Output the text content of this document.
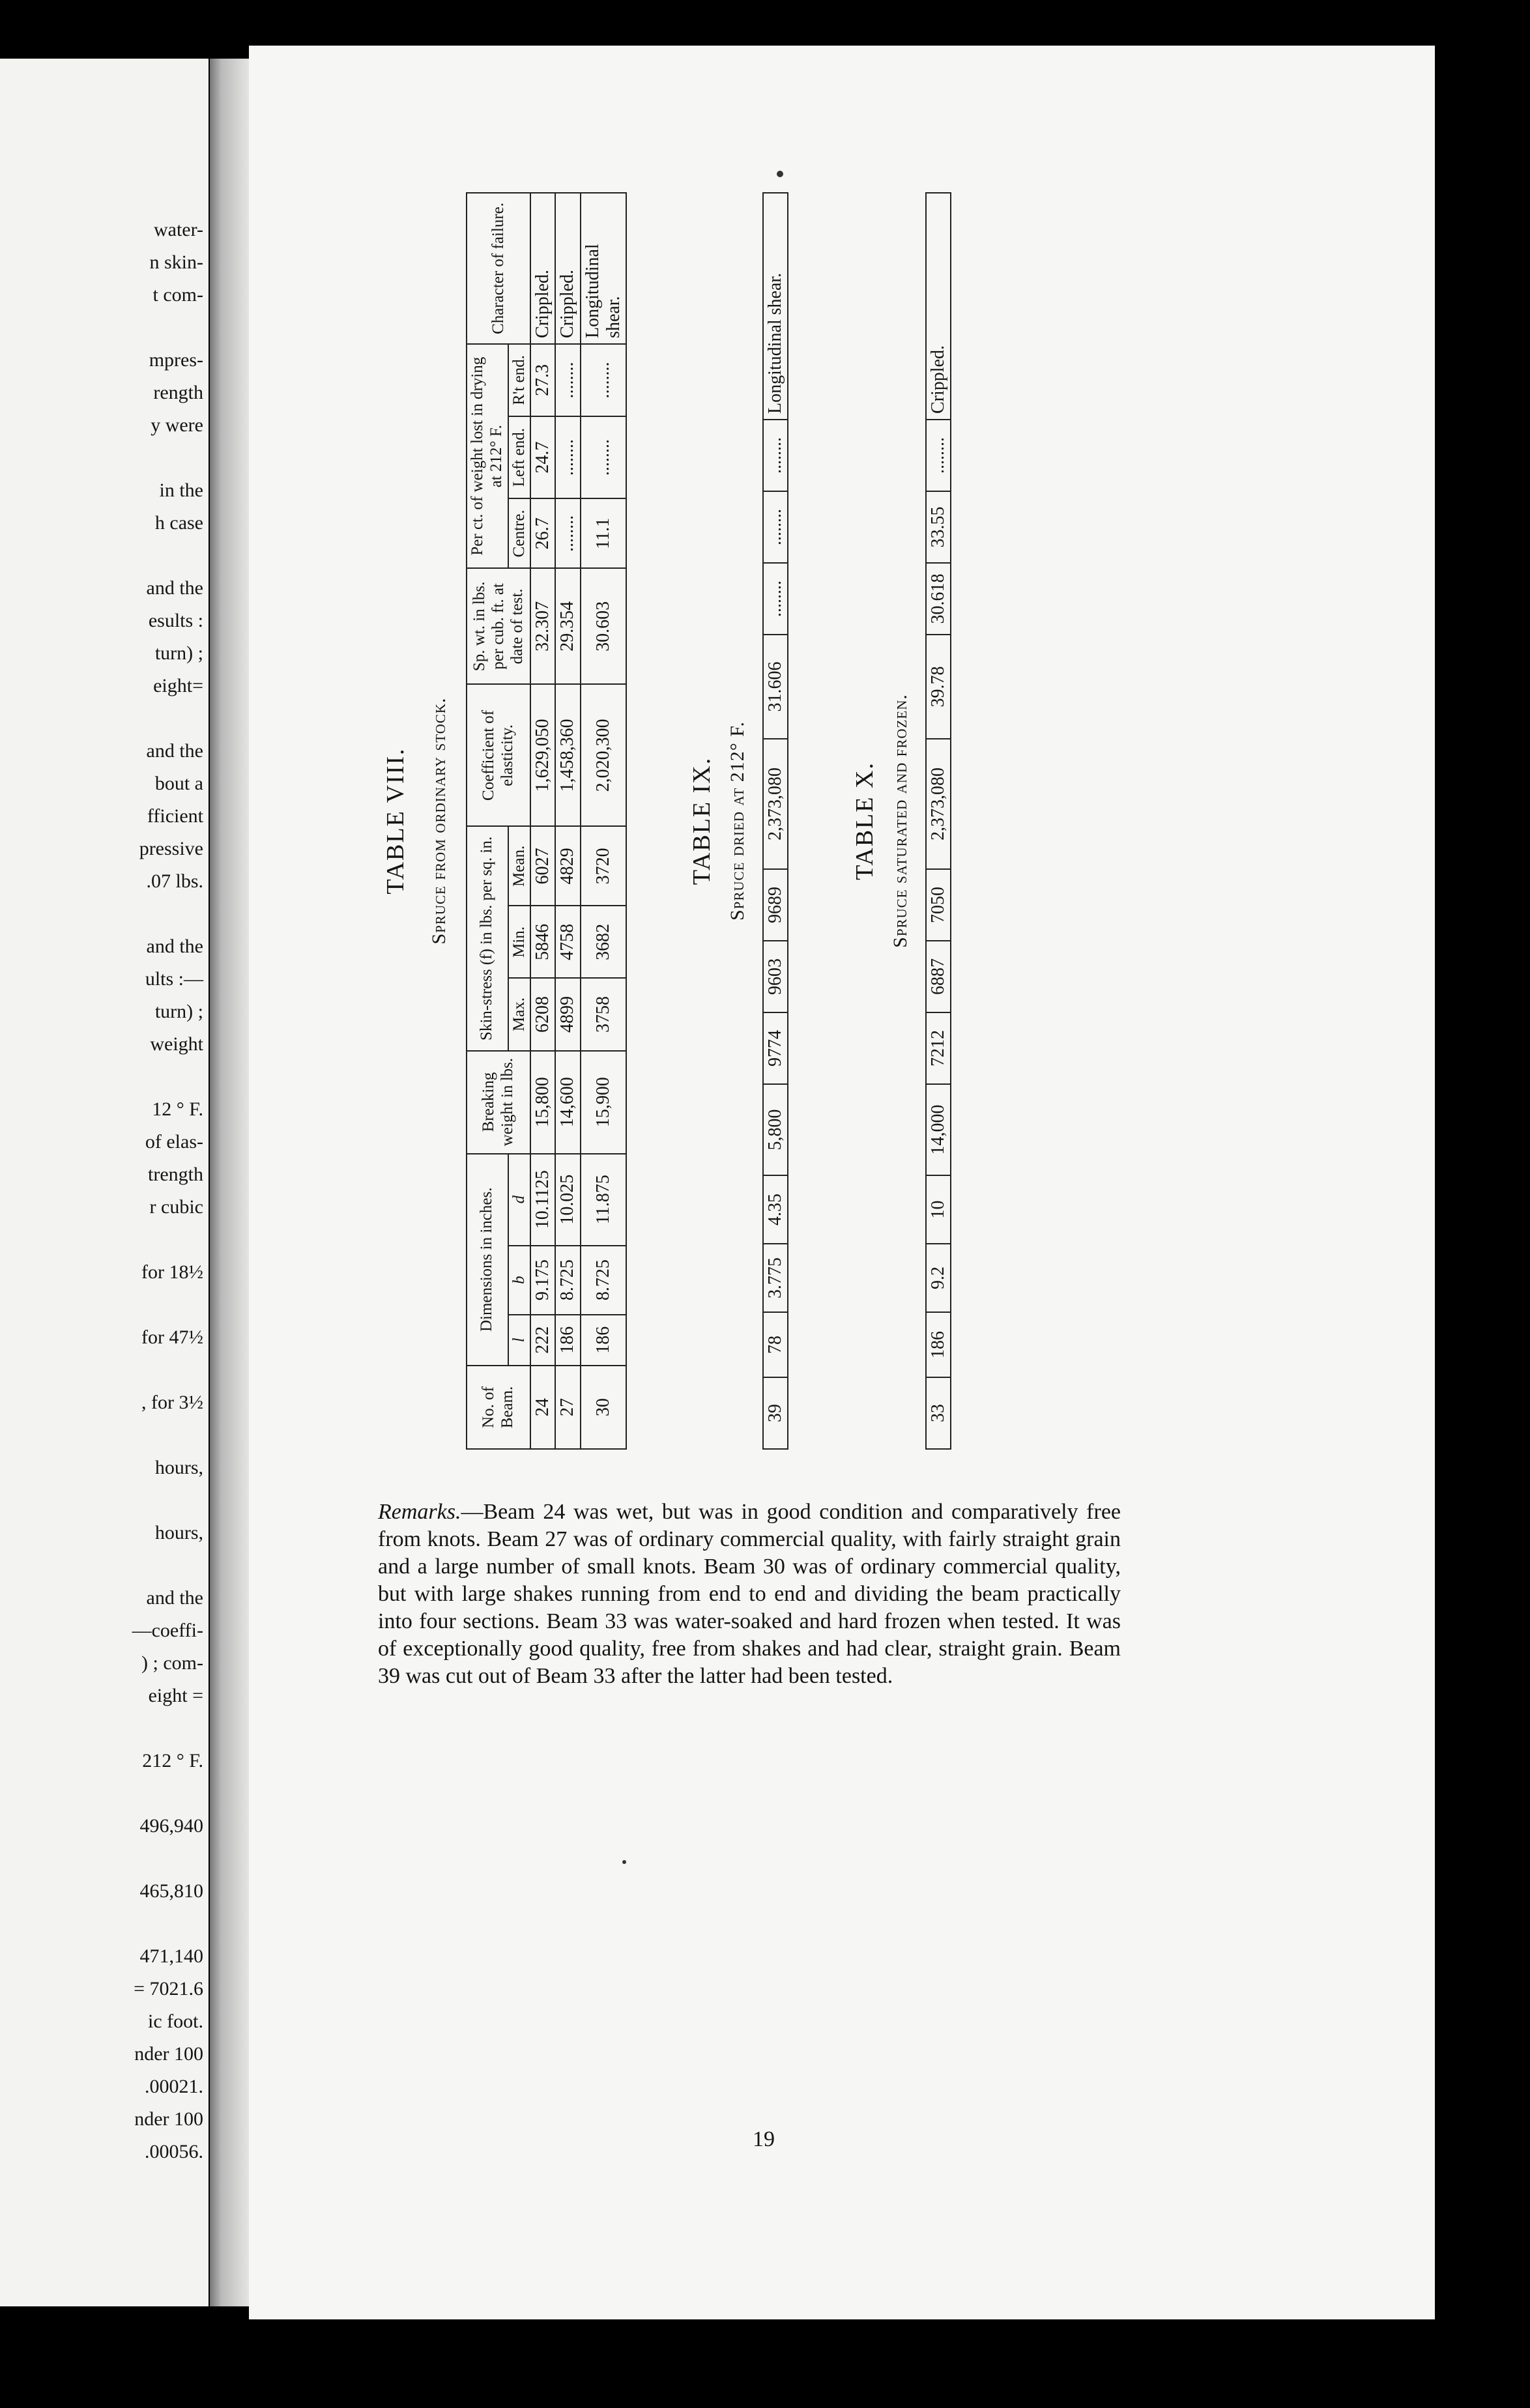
water-
n skin-
t com-
mpres-
rength
y were
in the
h case
and the
esults :
turn) ;
eight=
and the
bout a
fficient
pressive
.07 lbs.
and the
ults :—
turn) ;
weight
12 ° F.
of elas-
trength
r cubic
for 18½
for 47½
, for 3½
hours,
hours,
and the
—coeffi-
) ; com-
eight =
212 ° F.
496,940
465,810
471,140
= 7021.6
ic foot.
nder 100
.00021.
nder 100
.00056.
TABLE VIII. Spruce from ordinary stock.
No. of Beam.	Dimensions in inches.			Breaking weight in lbs.	Skin-stress (f) in lbs. per sq. in.			Coefficient of elasticity.	Sp. wt. in lbs. per cub. ft. at date of test.	Per ct. of weight lost in drying at 212° F.			Character of failure.
	l	b	d		Max.	Min.	Mean.			Centre.	Left end.	R't end.	
24	222	9.175	10.1125	15,800	6208	5846	6027	1,629,050	32.307	26.7	24.7	27.3	Crippled.
27	186	8.725	10.025	14,600	4899	4758	4829	1,458,360	29.354	........	........	........	Crippled.
30	186	8.725	11.875	15,900	3758	3682	3720	2,020,300	30.603	11.1	........	........	Longitudinal shear.
TABLE IX. Spruce dried at 212° F.
39	78	3.775	4.35	5,800	9774	9603	9689	2,373,080	31.606	........	........	........	Longitudinal shear.
TABLE X. Spruce saturated and frozen.
33	186	9.2	10	14,000	7212	6887	7050	2,373,080	39.78	30.618	33.55	........	Crippled.
Remarks.—Beam 24 was wet, but was in good condition and comparatively free from knots. Beam 27 was of ordinary commercial quality, with fairly straight grain and a large number of small knots. Beam 30 was of ordinary commercial quality, but with large shakes running from end to end and dividing the beam practically into four sections. Beam 33 was water-soaked and hard frozen when tested. It was of exceptionally good quality, free from shakes and had clear, straight grain. Beam 39 was cut out of Beam 33 after the latter had been tested.
19
